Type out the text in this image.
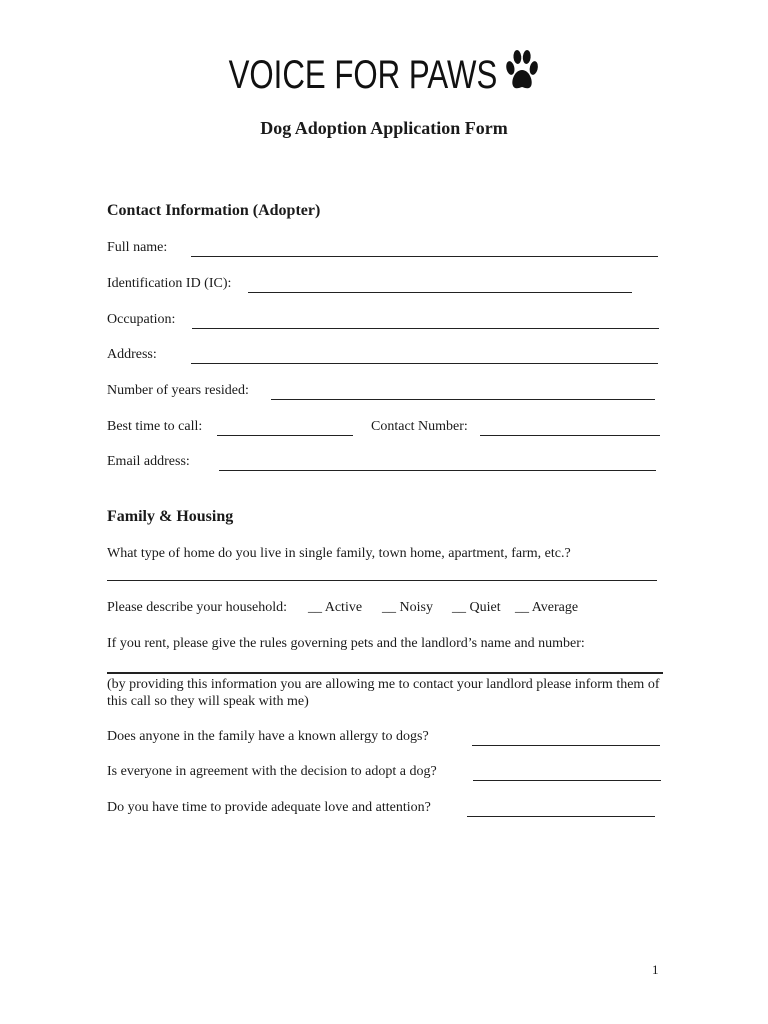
VOICE FOR PAWS
Dog Adoption Application Form
Contact Information (Adopter)
Full name:
Identification ID (IC):
Occupation:
Address:
Number of years resided:
Best time to call:	Contact Number:
Email address:
Family & Housing
What type of home do you live in single family, town home, apartment, farm, etc.?
Please describe your household: __ Active __ Noisy __ Quiet __ Average
If you rent, please give the rules governing pets and the landlord’s name and number:
(by providing this information you are allowing me to contact your landlord please inform them of this call so they will speak with me)
Does anyone in the family have a known allergy to dogs?
Is everyone in agreement with the decision to adopt a dog?
Do you have time to provide adequate love and attention?
1
